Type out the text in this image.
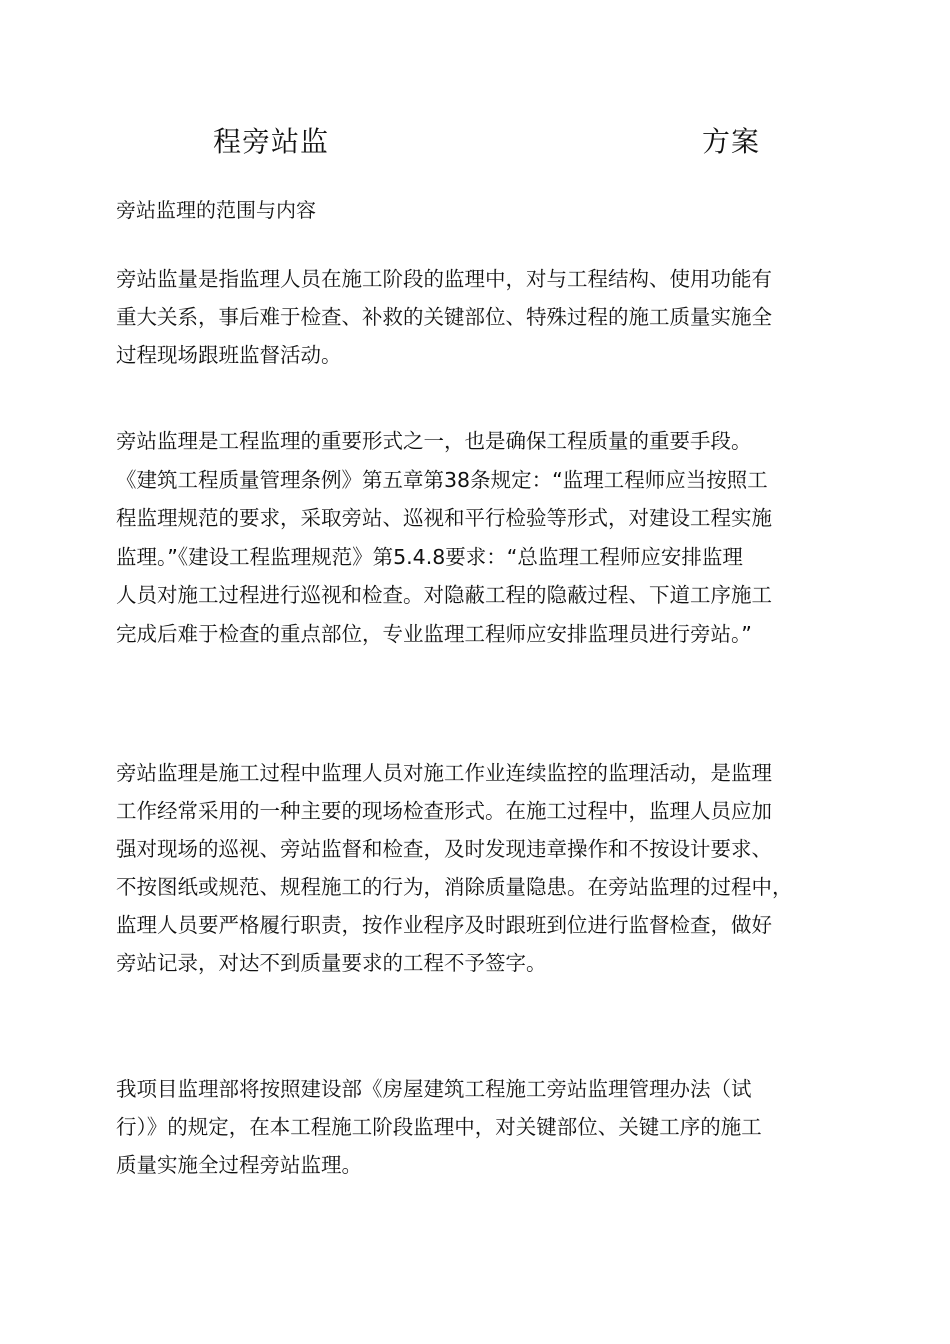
程旁站监	方案
旁站监理的范围与内容
旁站监量是指监理人员在施工阶段的监理中，对与工程结构、使用功能有
重大关系，事后难于检查、补救的关键部位、特殊过程的施工质量实施全
过程现场跟班监督活动。
旁站监理是工程监理的重要形式之一，也是确保工程质量的重要手段。
《建筑工程质量管理条例》第五章第38条规定：“监理工程师应当按照工
程监理规范的要求，采取旁站、巡视和平行检验等形式，对建设工程实施
监理。”《建设工程监理规范》第5.4.8要求：“总监理工程师应安排监理
人员对施工过程进行巡视和检查。对隐蔽工程的隐蔽过程、下道工序施工
完成后难于检查的重点部位，专业监理工程师应安排监理员进行旁站。”
旁站监理是施工过程中监理人员对施工作业连续监控的监理活动，是监理
工作经常采用的一种主要的现场检查形式。在施工过程中，监理人员应加
强对现场的巡视、旁站监督和检查，及时发现违章操作和不按设计要求、
不按图纸或规范、规程施工的行为，消除质量隐患。在旁站监理的过程中，
监理人员要严格履行职责，按作业程序及时跟班到位进行监督检查，做好
旁站记录，对达不到质量要求的工程不予签字。
我项目监理部将按照建设部《房屋建筑工程施工旁站监理管理办法（试
行）》的规定，在本工程施工阶段监理中，对关键部位、关键工序的施工
质量实施全过程旁站监理。
